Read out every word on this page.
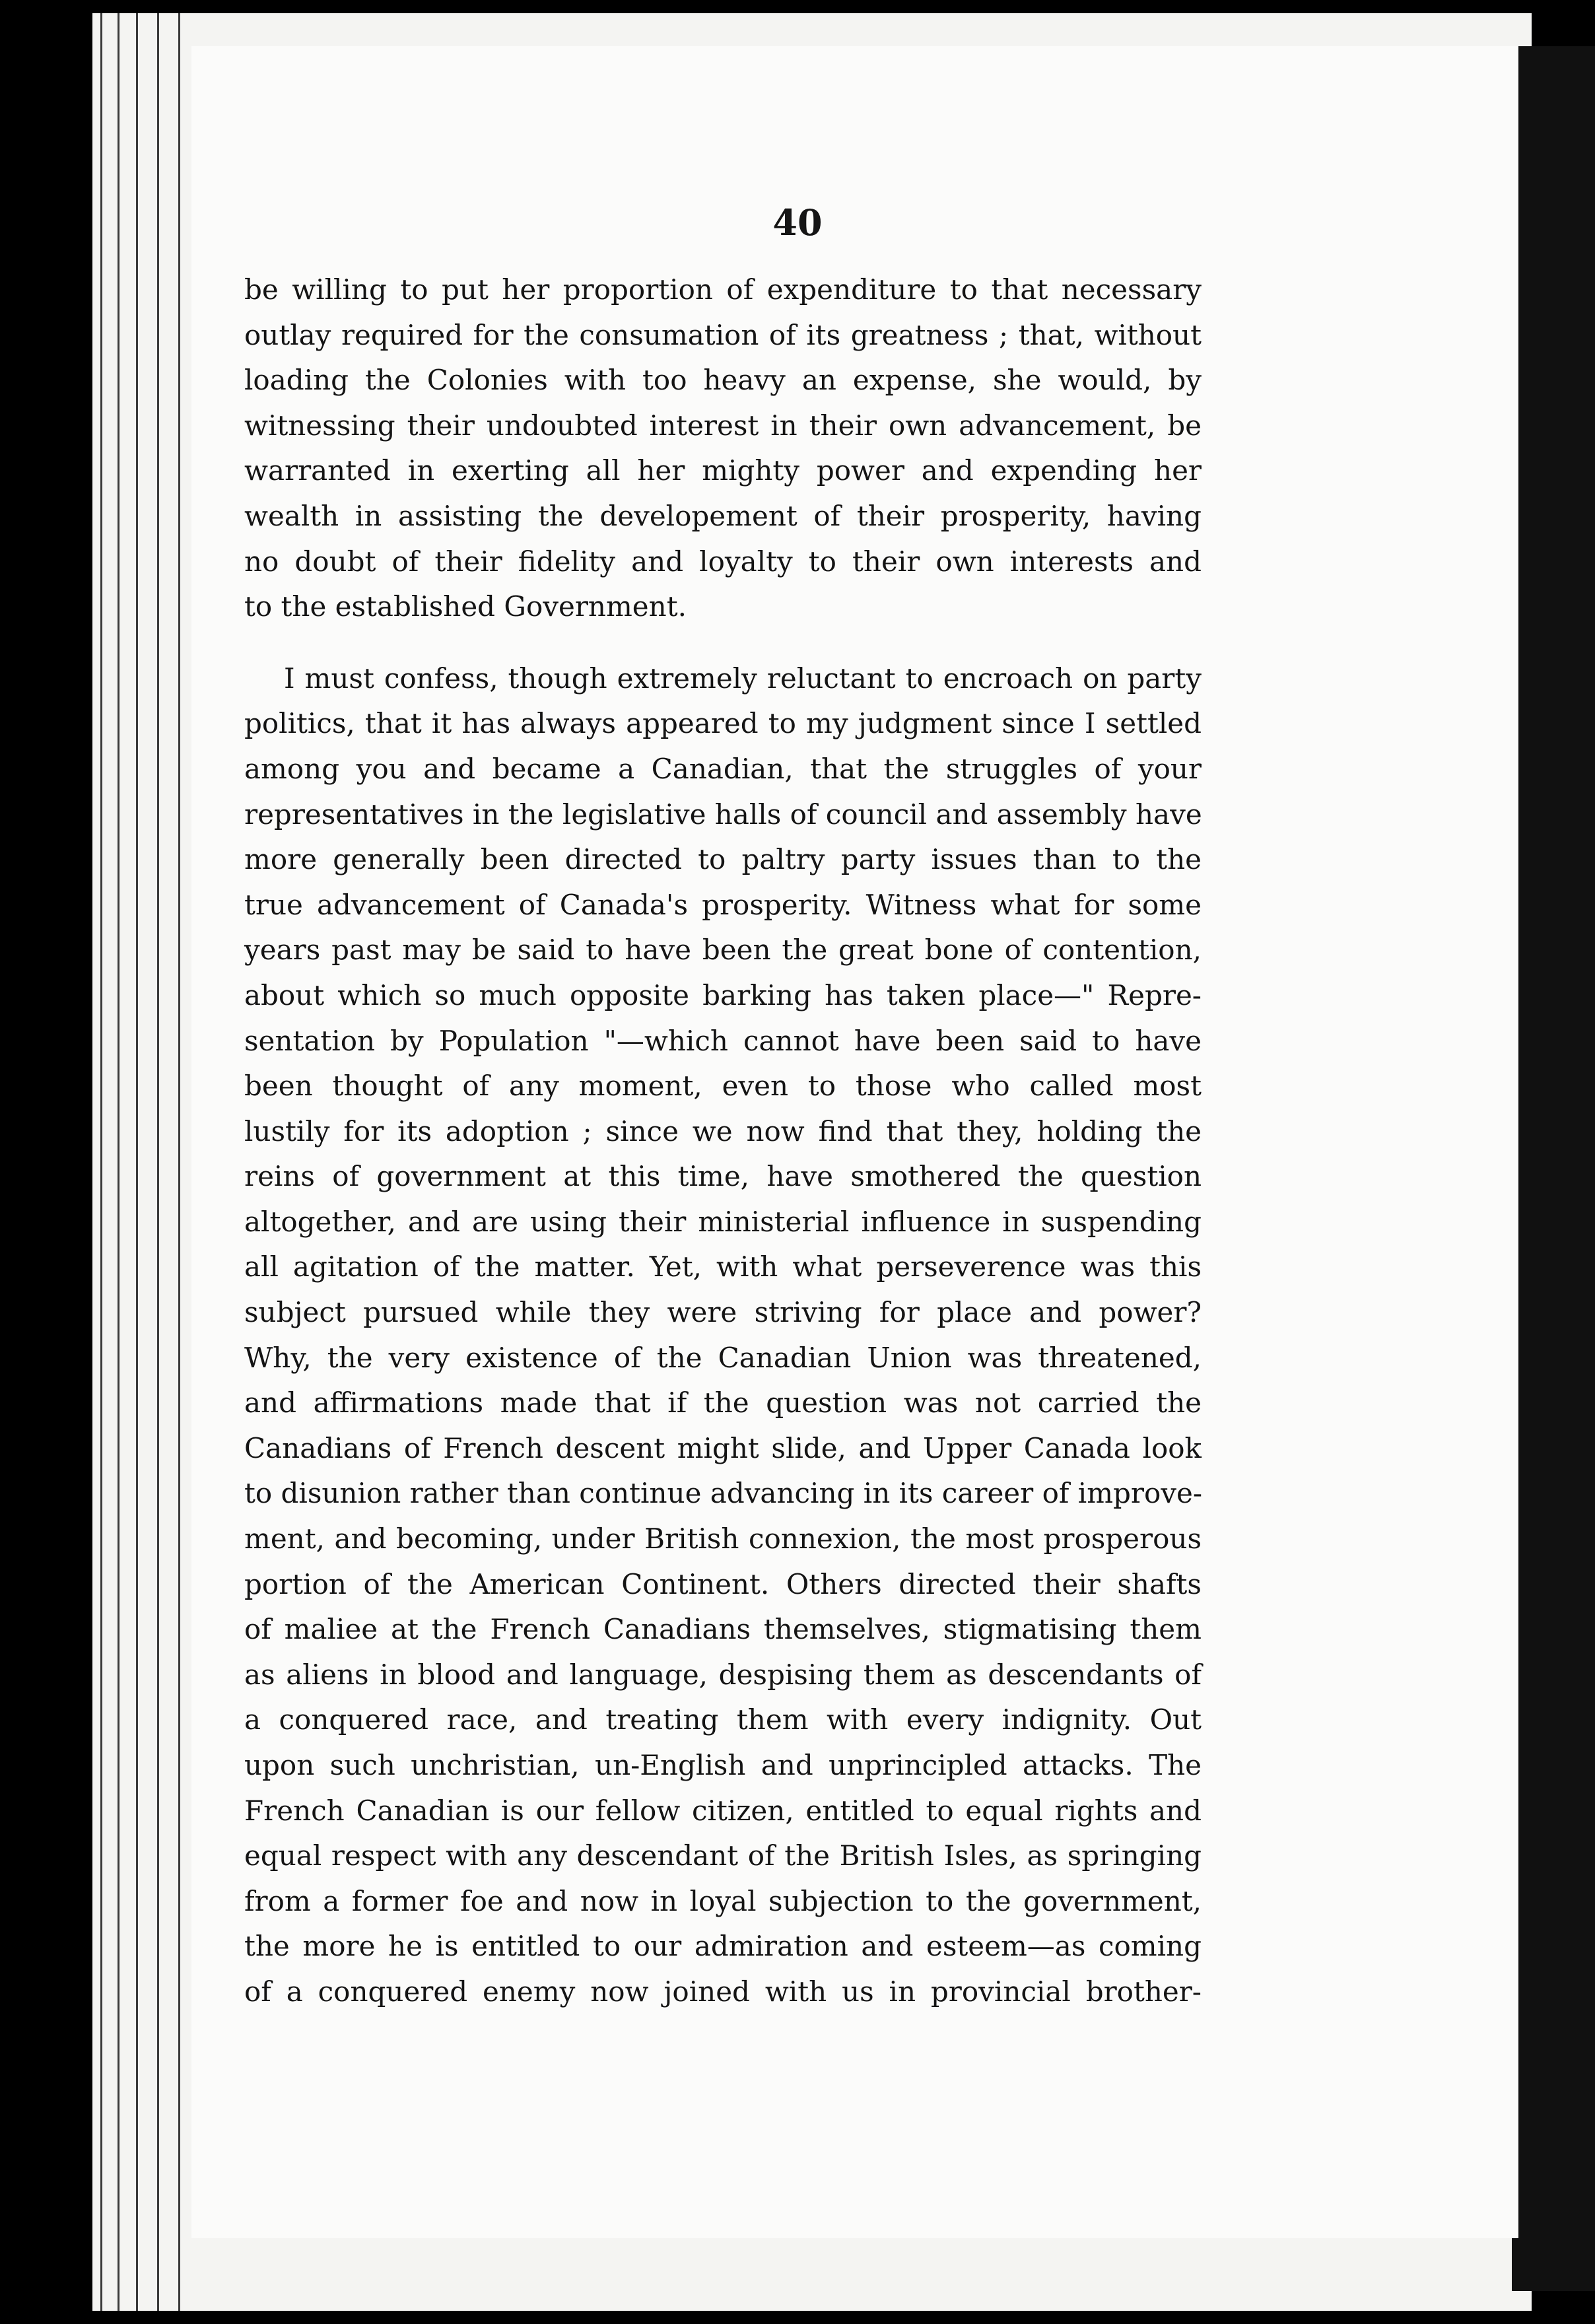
40

be willing to put her proportion of expenditure to that necessary
outlay required for the consumation of its greatness ; that, without
loading the Colonies with too heavy an expense, she would, by
witnessing their undoubted interest in their own advancement, be
warranted in exerting all her mighty power and expending her
wealth in assisting the developement of their prosperity, having
no doubt of their fidelity and loyalty to their own interests and
to the established Government.
I must confess, though extremely reluctant to encroach on party
politics, that it has always appeared to my judgment since I settled
among you and became a Canadian, that the struggles of your
representatives in the legislative halls of council and assembly have
more generally been directed to paltry party issues than to the
true advancement of Canada's prosperity. Witness what for some
years past may be said to have been the great bone of contention,
about which so much opposite barking has taken place—" Repre-
sentation by Population "—which cannot have been said to have
been thought of any moment, even to those who called most
lustily for its adoption ; since we now find that they, holding the
reins of government at this time, have smothered the question
altogether, and are using their ministerial influence in suspending
all agitation of the matter. Yet, with what perseverence was this
subject pursued while they were striving for place and power?
Why, the very existence of the Canadian Union was threatened,
and affirmations made that if the question was not carried the
Canadians of French descent might slide, and Upper Canada look
to disunion rather than continue advancing in its career of improve-
ment, and becoming, under British connexion, the most prosperous
portion of the American Continent. Others directed their shafts
of maliee at the French Canadians themselves, stigmatising them
as aliens in blood and language, despising them as descendants of
a conquered race, and treating them with every indignity. Out
upon such unchristian, un-English and unprincipled attacks. The
French Canadian is our fellow citizen, entitled to equal rights and
equal respect with any descendant of the British Isles, as springing
from a former foe and now in loyal subjection to the government,
the more he is entitled to our admiration and esteem—as coming
of a conquered enemy now joined with us in provincial brother-
